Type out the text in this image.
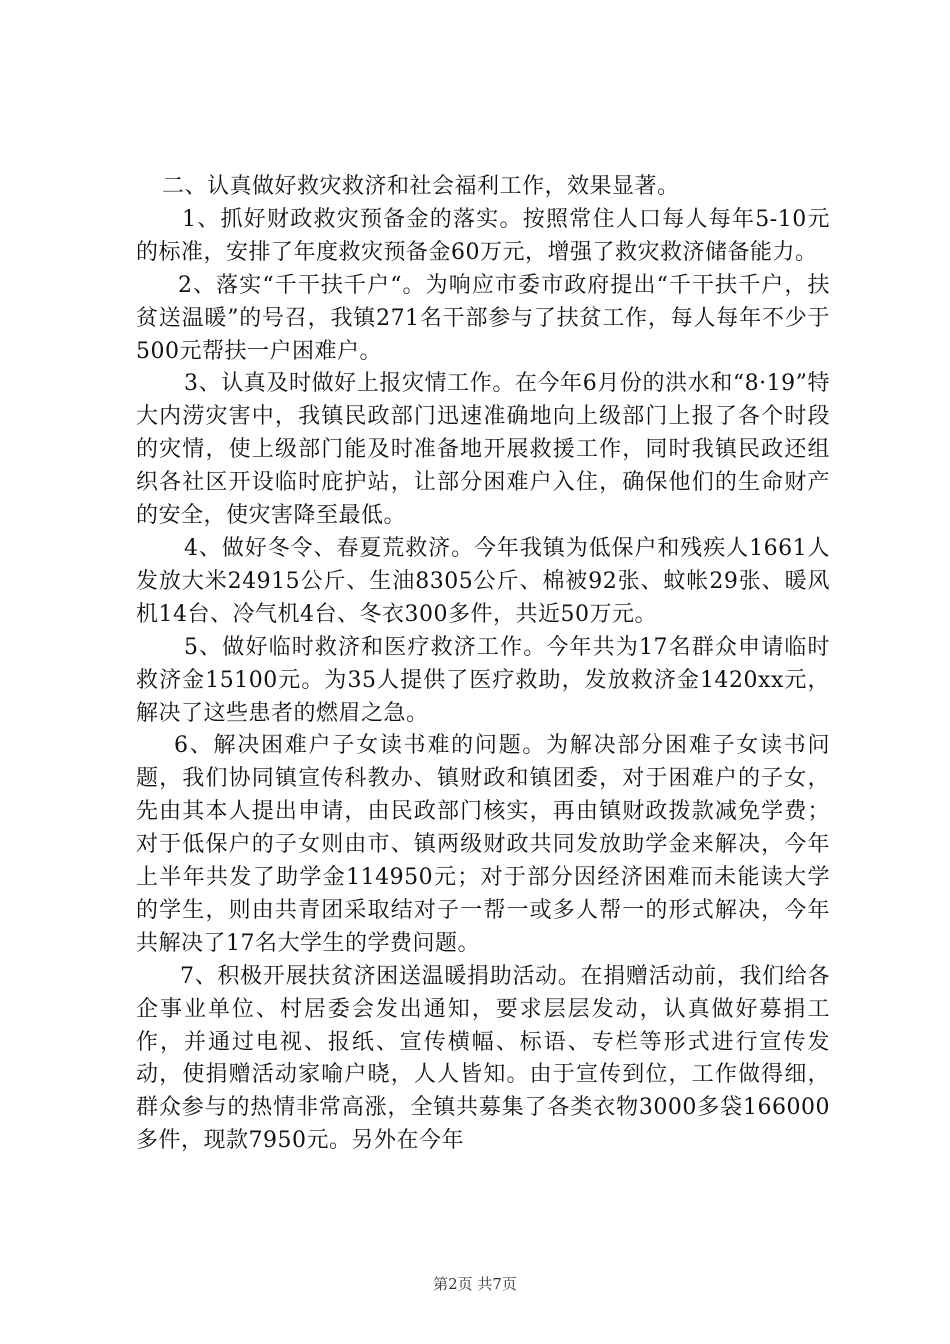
二、认真做好救灾救济和社会福利工作，效果显著。

1、抓好财政救灾预备金的落实。按照常住人口每人每年5-10元的标准，安排了年度救灾预备金60万元，增强了救灾救济储备能力。

2、落实“千干扶千户“。为响应市委市政府提出“千干扶千户，扶贫送温暖”的号召，我镇271名干部参与了扶贫工作，每人每年不少于500元帮扶一户困难户。

3、认真及时做好上报灾情工作。在今年6月份的洪水和“8·19”特大内涝灾害中，我镇民政部门迅速准确地向上级部门上报了各个时段的灾情，使上级部门能及时准备地开展救援工作，同时我镇民政还组织各社区开设临时庇护站，让部分困难户入住，确保他们的生命财产的安全，使灾害降至最低。

4、做好冬令、春夏荒救济。今年我镇为低保户和残疾人1661人发放大米24915公斤、生油8305公斤、棉被92张、蚊帐29张、暖风机14台、冷气机4台、冬衣300多件，共近50万元。

5、做好临时救济和医疗救济工作。今年共为17名群众申请临时救济金15100元。为35人提供了医疗救助，发放救济金1420xx元，解决了这些患者的燃眉之急。

6、解决困难户子女读书难的问题。为解决部分困难子女读书问题，我们协同镇宣传科教办、镇财政和镇团委，对于困难户的子女，先由其本人提出申请，由民政部门核实，再由镇财政拨款减免学费；对于低保户的子女则由市、镇两级财政共同发放助学金来解决，今年上半年共发了助学金114950元；对于部分因经济困难而未能读大学的学生，则由共青团采取结对子一帮一或多人帮一的形式解决，今年共解决了17名大学生的学费问题。

7、积极开展扶贫济困送温暖捐助活动。在捐赠活动前，我们给各企事业单位、村居委会发出通知，要求层层发动，认真做好募捐工作，并通过电视、报纸、宣传横幅、标语、专栏等形式进行宣传发动，使捐赠活动家喻户晓，人人皆知。由于宣传到位，工作做得细，群众参与的热情非常高涨，全镇共募集了各类衣物3000多袋166000多件，现款7950元。另外在今年

第2页 共7页
